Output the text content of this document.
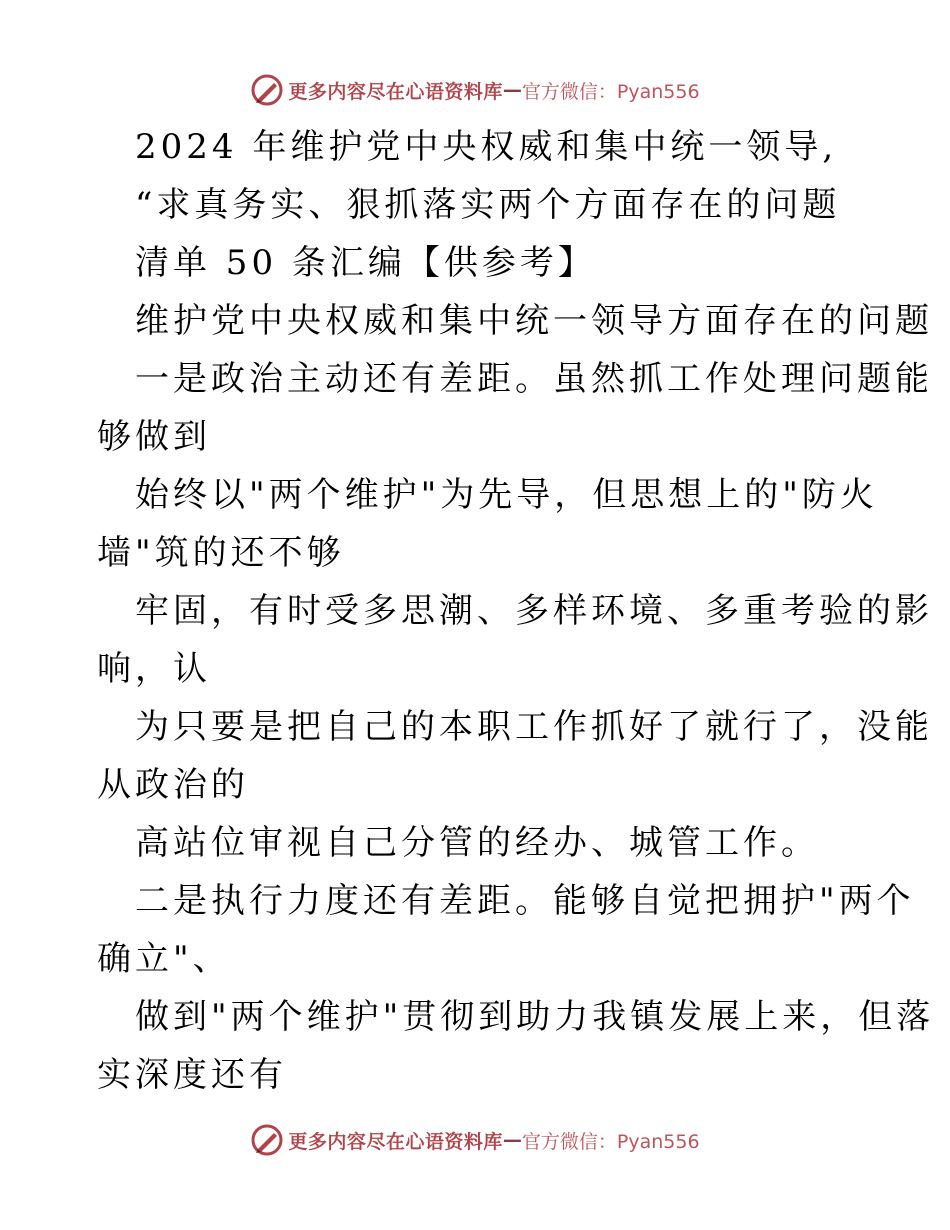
更多内容尽在心语资料库 — 官方微信：Pyan556
2024 年维护党中央权威和集中统一领导,
“求真务实、狠抓落实两个方面存在的问题
清单 50 条汇编【供参考】
维护党中央权威和集中统一领导方面存在的问题
一是政治主动还有差距。虽然抓工作处理问题能
够做到
始终以"两个维护"为先导，但思想上的"防火
墙"筑的还不够
牢固，有时受多思潮、多样环境、多重考验的影
响，认
为只要是把自己的本职工作抓好了就行了，没能
从政治的
高站位审视自己分管的经办、城管工作。
二是执行力度还有差距。能够自觉把拥护"两个
确立"、
做到"两个维护"贯彻到助力我镇发展上来，但落
实深度还有
更多内容尽在心语资料库 — 官方微信：Pyan556
